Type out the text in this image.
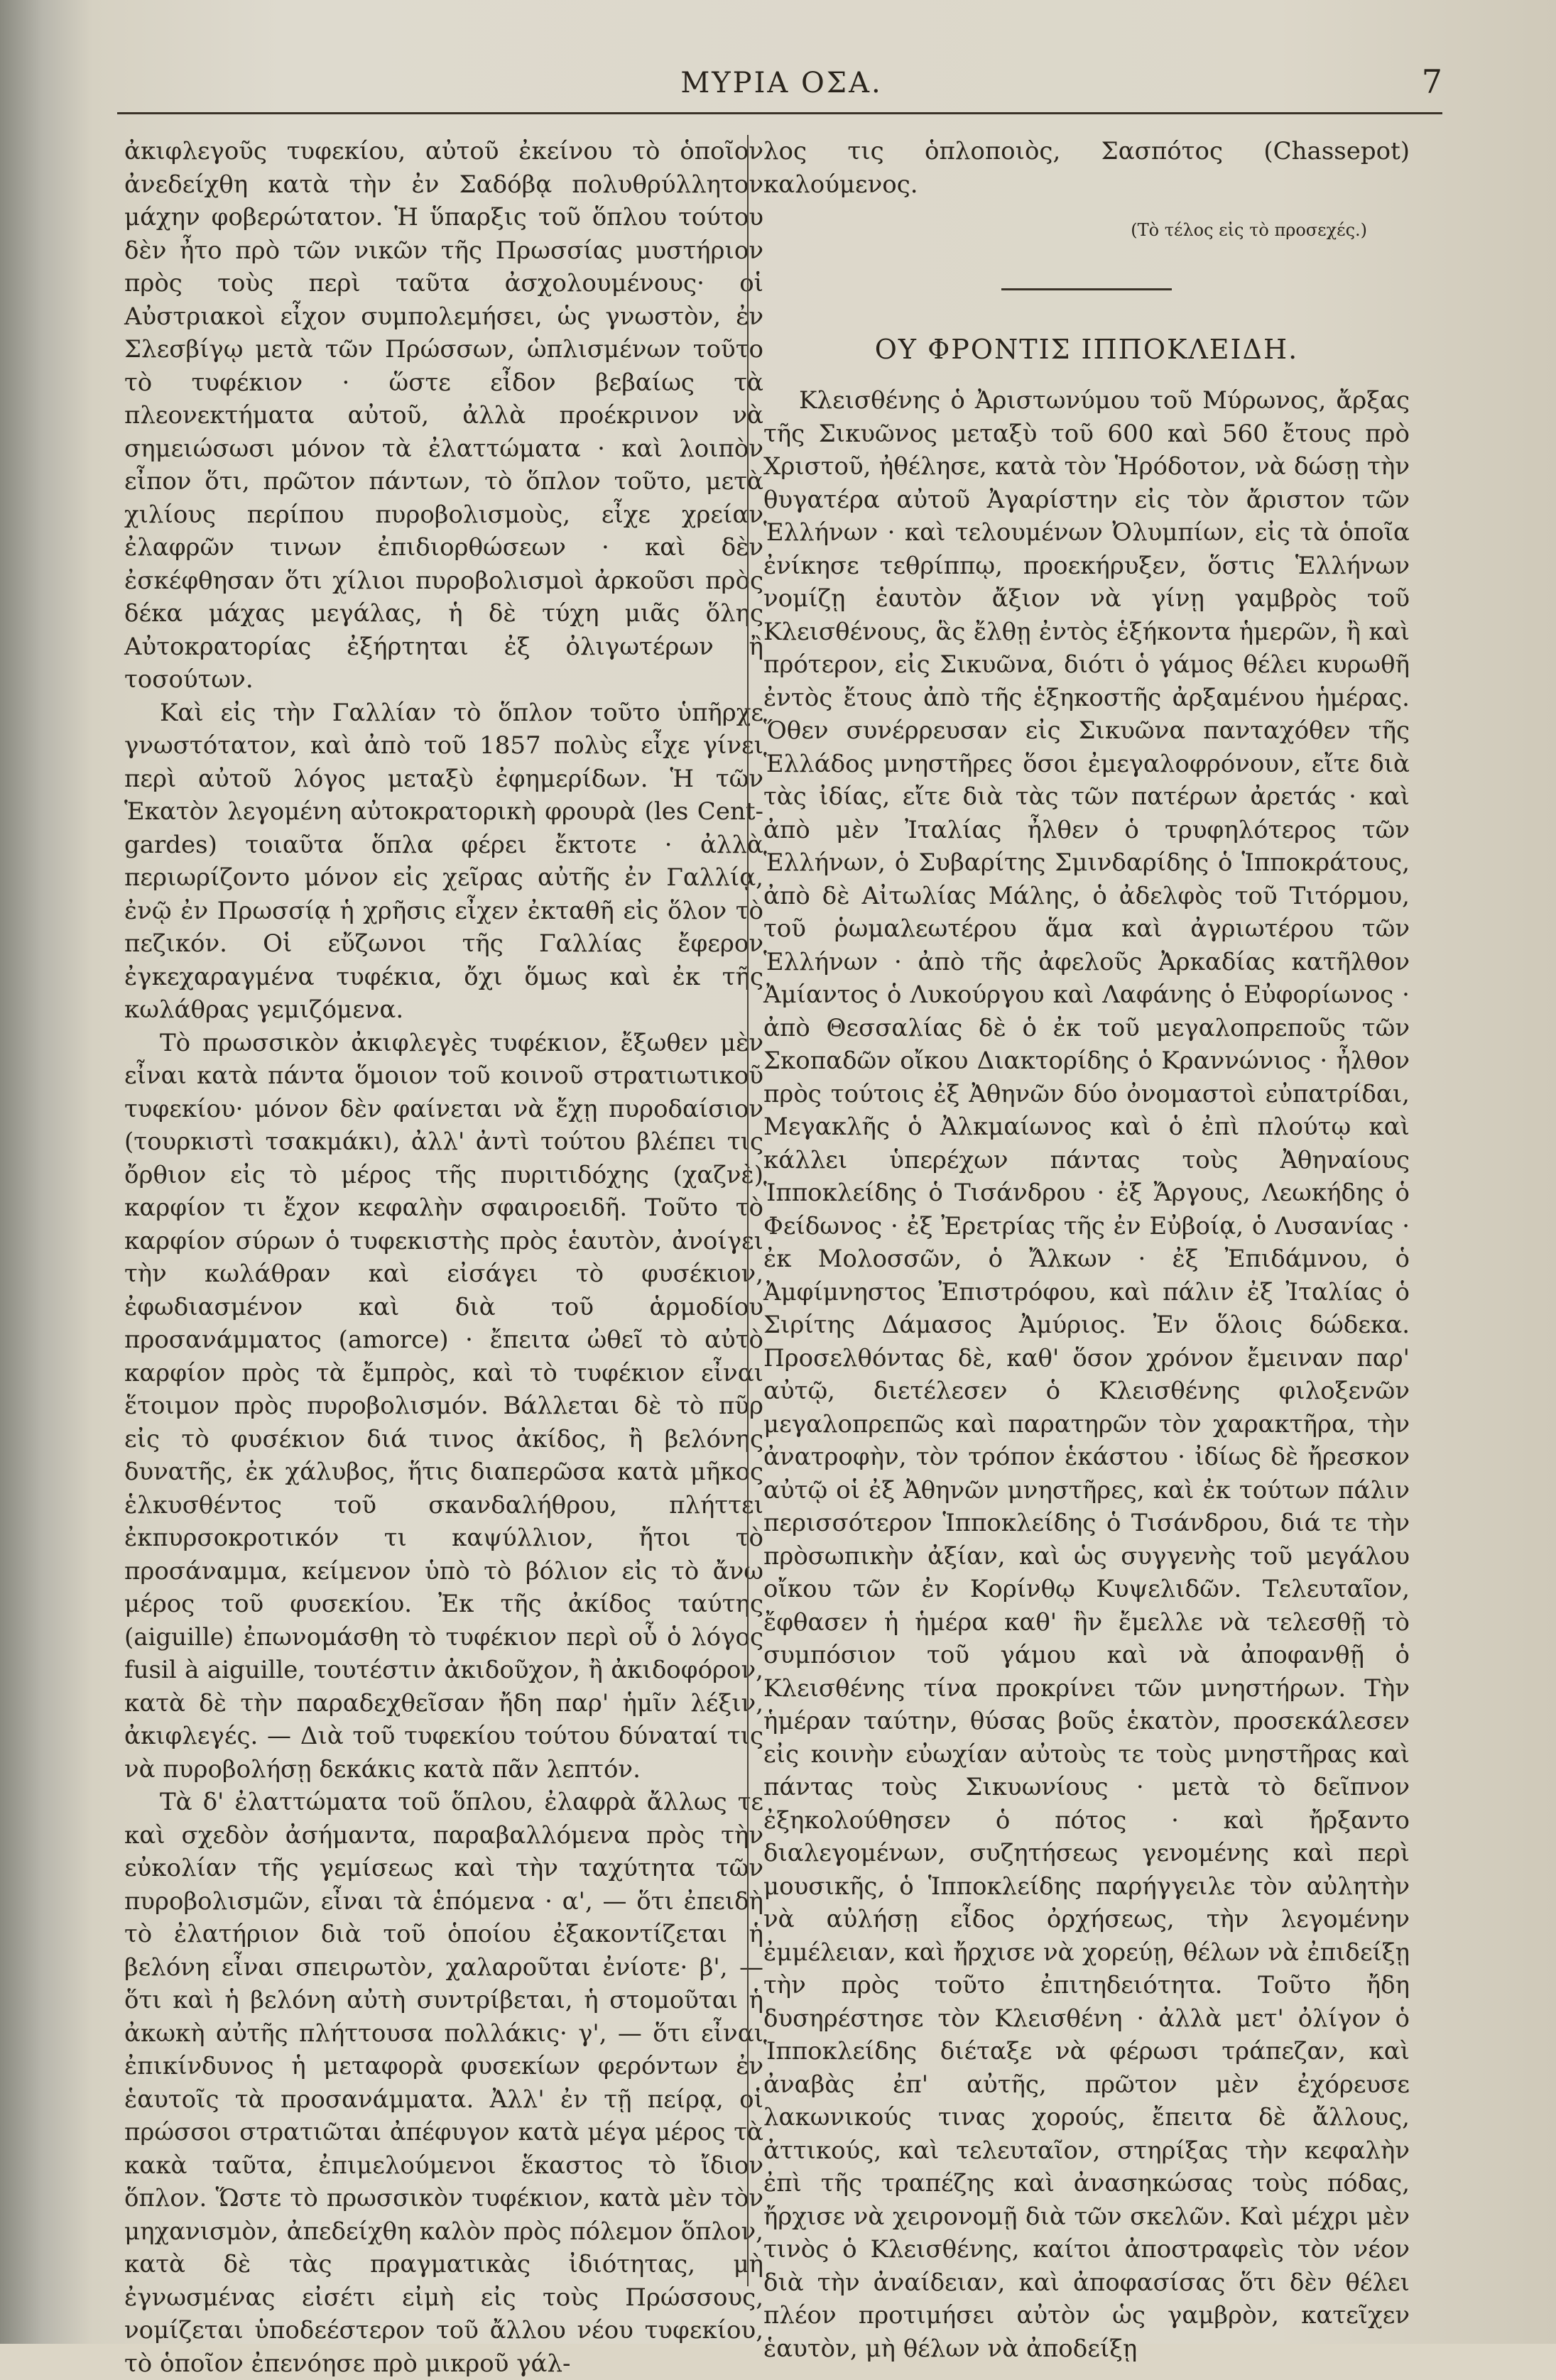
ΜΥΡΙΑ ΟΣΑ.	7

ἀκιφλεγοῦς τυφεκίου, αὐτοῦ ἐκείνου τὸ ὁποῖον ἀνεδείχθη κατὰ τὴν ἐν Σαδόβᾳ πολυθρύλλητον μάχην φοβερώτατον. Ἡ ὕπαρξις τοῦ ὅπλου τούτου δὲν ἦτο πρὸ τῶν νικῶν τῆς Πρωσσίας μυστήριον πρὸς τοὺς περὶ ταῦτα ἀσχολουμένους· οἱ Αὐστριακοὶ εἶχον συμπολεμήσει, ὡς γνωστὸν, ἐν Σλεσβίγῳ μετὰ τῶν Πρώσσων, ὡπλισμένων τοῦτο τὸ τυφέκιον · ὥστε εἶδον βεβαίως τὰ πλεονεκτήματα αὐτοῦ, ἀλλὰ προέκρινον νὰ σημειώσωσι μόνον τὰ ἐλαττώματα · καὶ λοιπὸν εἶπον ὅτι, πρῶτον πάντων, τὸ ὅπλον τοῦτο, μετὰ χιλίους περίπου πυροβολισμοὺς, εἶχε χρείαν ἐλαφρῶν τινων ἐπιδιορθώσεων · καὶ δὲν ἐσκέφθησαν ὅτι χίλιοι πυροβολισμοὶ ἀρκοῦσι πρὸς δέκα μάχας μεγάλας, ἡ δὲ τύχη μιᾶς ὅλης Αὐτοκρατορίας ἐξήρτηται ἐξ ὀλιγωτέρων ἢ τοσούτων.

Καὶ εἰς τὴν Γαλλίαν τὸ ὅπλον τοῦτο ὑπῆρχε γνωστότατον, καὶ ἀπὸ τοῦ 1857 πολὺς εἶχε γίνει περὶ αὐτοῦ λόγος μεταξὺ ἐφημερίδων. Ἡ τῶν Ἑκατὸν λεγομένη αὐτοκρατορικὴ φρουρὰ (les Cent-gardes) τοιαῦτα ὅπλα φέρει ἔκτοτε · ἀλλὰ περιωρίζοντο μόνον εἰς χεῖρας αὐτῆς ἐν Γαλλίᾳ, ἐνῷ ἐν Πρωσσίᾳ ἡ χρῆσις εἶχεν ἐκταθῆ εἰς ὅλον τὸ πεζικόν. Οἱ εὔζωνοι τῆς Γαλλίας ἔφερον ἐγκεχαραγμένα τυφέκια, ὄχι ὅμως καὶ ἐκ τῆς κωλάθρας γεμιζόμενα.

Τὸ πρωσσικὸν ἀκιφλεγὲς τυφέκιον, ἔξωθεν μὲν εἶναι κατὰ πάντα ὅμοιον τοῦ κοινοῦ στρατιωτικοῦ τυφεκίου· μόνον δὲν φαίνεται νὰ ἔχῃ πυροδαίσιον (τουρκιστὶ τσακμάκι), ἀλλ' ἀντὶ τούτου βλέπει τις ὄρθιον εἰς τὸ μέρος τῆς πυριτιδόχης (χαζνὲ) καρφίον τι ἔχον κεφαλὴν σφαιροειδῆ. Τοῦτο τὸ καρφίον σύρων ὁ τυφεκιστὴς πρὸς ἑαυτὸν, ἀνοίγει τὴν κωλάθραν καὶ εἰσάγει τὸ φυσέκιον, ἐφωδιασμένον καὶ διὰ τοῦ ἁρμοδίου προσανάμματος (amorce) · ἔπειτα ὠθεῖ τὸ αὐτὸ καρφίον πρὸς τὰ ἔμπρὸς, καὶ τὸ τυφέκιον εἶναι ἕτοιμον πρὸς πυροβολισμόν. Βάλλεται δὲ τὸ πῦρ εἰς τὸ φυσέκιον διά τινος ἀκίδος, ἢ βελόνης δυνατῆς, ἐκ χάλυβος, ἥτις διαπερῶσα κατὰ μῆκος ἑλκυσθέντος τοῦ σκανδαλήθρου, πλήττει ἐκπυρσοκροτικόν τι καψύλλιον, ἤτοι τὸ προσάναμμα, κείμενον ὑπὸ τὸ βόλιον εἰς τὸ ἄνω μέρος τοῦ φυσεκίου. Ἐκ τῆς ἀκίδος ταύτης (aiguille) ἐπωνομάσθη τὸ τυφέκιον περὶ οὗ ὁ λόγος fusil à aiguille, τουτέστιν ἀκιδοῦχον, ἢ ἀκιδοφόρον, κατὰ δὲ τὴν παραδεχθεῖσαν ἤδη παρ' ἡμῖν λέξιν, ἀκιφλεγές. — Διὰ τοῦ τυφεκίου τούτου δύναταί τις νὰ πυροβολήσῃ δεκάκις κατὰ πᾶν λεπτόν.

Τὰ δ' ἐλαττώματα τοῦ ὅπλου, ἐλαφρὰ ἄλλως τε καὶ σχεδὸν ἀσήμαντα, παραβαλλόμενα πρὸς τὴν εὐκολίαν τῆς γεμίσεως καὶ τὴν ταχύτητα τῶν πυροβολισμῶν, εἶναι τὰ ἑπόμενα · α', — ὅτι ἐπειδὴ τὸ ἐλατήριον διὰ τοῦ ὁποίου ἐξακοντίζεται ἡ βελόνη εἶναι σπειρωτὸν, χαλαροῦται ἐνίοτε· β', — ὅτι καὶ ἡ βελόνη αὐτὴ συντρίβεται, ἡ στομοῦται ἡ ἀκωκὴ αὐτῆς πλήττουσα πολλάκις· γ', — ὅτι εἶναι ἐπικίνδυνος ἡ μεταφορὰ φυσεκίων φερόντων ἐν ἑαυτοῖς τὰ προσανάμματα. Ἀλλ' ἐν τῇ πείρᾳ, οἱ πρώσσοι στρατιῶται ἀπέφυγον κατὰ μέγα μέρος τὰ κακὰ ταῦτα, ἐπιμελούμενοι ἕκαστος τὸ ἴδιον ὅπλον. Ὥστε τὸ πρωσσικὸν τυφέκιον, κατὰ μὲν τὸν μηχανισμὸν, ἀπεδείχθη καλὸν πρὸς πόλεμον ὅπλον, κατὰ δὲ τὰς πραγματικὰς ἰδιότητας, μὴ ἐγνωσμένας εἰσέτι εἰμὴ εἰς τοὺς Πρώσσους, νομίζεται ὑποδεέστερον τοῦ ἄλλου νέου τυφεκίου, τὸ ὁποῖον ἐπενόησε πρὸ μικροῦ γάλ-

λος τις ὁπλοποιὸς, Σασπότος (Chassepot) καλούμενος.

(Τὸ τέλος εἰς τὸ προσεχές.)
ΟΥ ΦΡΟΝΤΙΣ ΙΠΠΟΚΛΕΙΔΗ.

Κλεισθένης ὁ Ἀριστωνύμου τοῦ Μύρωνος, ἄρξας τῆς Σικυῶνος μεταξὺ τοῦ 600 καὶ 560 ἔτους πρὸ Χριστοῦ, ἠθέλησε, κατὰ τὸν Ἡρόδοτον, νὰ δώσῃ τὴν θυγατέρα αὐτοῦ Ἀγαρίστην εἰς τὸν ἄριστον τῶν Ἑλλήνων · καὶ τελουμένων Ὀλυμπίων, εἰς τὰ ὁποῖα ἐνίκησε τεθρίππῳ, προεκήρυξεν, ὅστις Ἑλλήνων νομίζῃ ἑαυτὸν ἄξιον νὰ γίνῃ γαμβρὸς τοῦ Κλεισθένους, ἃς ἔλθῃ ἐντὸς ἑξήκοντα ἡμερῶν, ἢ καὶ πρότερον, εἰς Σικυῶνα, διότι ὁ γάμος θέλει κυρωθῆ ἐντὸς ἔτους ἀπὸ τῆς ἑξηκοστῆς ἀρξαμένου ἡμέρας. Ὅθεν συνέρρευσαν εἰς Σικυῶνα πανταχόθεν τῆς Ἑλλάδος μνηστῆρες ὅσοι ἐμεγαλοφρόνουν, εἴτε διὰ τὰς ἰδίας, εἴτε διὰ τὰς τῶν πατέρων ἀρετάς · καὶ ἀπὸ μὲν Ἰταλίας ἦλθεν ὁ τρυφηλότερος τῶν Ἑλλήνων, ὁ Συβαρίτης Σμινδαρίδης ὁ Ἱπποκράτους, ἀπὸ δὲ Αἰτωλίας Μάλης, ὁ ἀδελφὸς τοῦ Τιτόρμου, τοῦ ῥωμαλεωτέρου ἅμα καὶ ἀγριωτέρου τῶν Ἑλλήνων · ἀπὸ τῆς ἀφελοῦς Ἀρκαδίας κατῆλθον Ἀμίαντος ὁ Λυκούργου καὶ Λαφάνης ὁ Εὐφορίωνος · ἀπὸ Θεσσαλίας δὲ ὁ ἐκ τοῦ μεγαλοπρεποῦς τῶν Σκοπαδῶν οἴκου Διακτορίδης ὁ Κραννώνιος · ἦλθον πρὸς τούτοις ἐξ Ἀθηνῶν δύο ὀνομαστοὶ εὐπατρίδαι, Μεγακλῆς ὁ Ἀλκμαίωνος καὶ ὁ ἐπὶ πλούτῳ καὶ κάλλει ὑπερέχων πάντας τοὺς Ἀθηναίους Ἱπποκλείδης ὁ Τισάνδρου · ἐξ Ἄργους, Λεωκήδης ὁ Φείδωνος · ἐξ Ἐρετρίας τῆς ἐν Εὐβοίᾳ, ὁ Λυσανίας · ἐκ Μολοσσῶν, ὁ Ἄλκων · ἐξ Ἐπιδάμνου, ὁ Ἀμφίμνηστος Ἐπιστρόφου, καὶ πάλιν ἐξ Ἰταλίας ὁ Σιρίτης Δάμασος Ἀμύριος. Ἐν ὅλοις δώδεκα. Προσελθόντας δὲ, καθ' ὅσον χρόνον ἔμειναν παρ' αὐτῷ, διετέλεσεν ὁ Κλεισθένης φιλοξενῶν μεγαλοπρεπῶς καὶ παρατηρῶν τὸν χαρακτῆρα, τὴν ἀνατροφὴν, τὸν τρόπον ἑκάστου · ἰδίως δὲ ἤρεσκον αὐτῷ οἱ ἐξ Ἀθηνῶν μνηστῆρες, καὶ ἐκ τούτων πάλιν περισσότερον Ἱπποκλείδης ὁ Τισάνδρου, διά τε τὴν πρὸσωπικὴν ἀξίαν, καὶ ὡς συγγενὴς τοῦ μεγάλου οἴκου τῶν ἐν Κορίνθῳ Κυψελιδῶν. Τελευταῖον, ἔφθασεν ἡ ἡμέρα καθ' ἣν ἔμελλε νὰ τελεσθῇ τὸ συμπόσιον τοῦ γάμου καὶ νὰ ἀποφανθῇ ὁ Κλεισθένης τίνα προκρίνει τῶν μνηστήρων. Τὴν ἡμέραν ταύτην, θύσας βοῦς ἑκατὸν, προσεκάλεσεν εἰς κοινὴν εὐωχίαν αὐτοὺς τε τοὺς μνηστῆρας καὶ πάντας τοὺς Σικυωνίους · μετὰ τὸ δεῖπνον ἐξηκολούθησεν ὁ πότος · καὶ ἤρξαντο διαλεγομένων, συζητήσεως γενομένης καὶ περὶ μουσικῆς, ὁ Ἱπποκλείδης παρήγγειλε τὸν αὐλητὴν νὰ αὐλήσῃ εἶδος ὀρχήσεως, τὴν λεγομένην ἐμμέλειαν, καὶ ἤρχισε νὰ χορεύῃ, θέλων νὰ ἐπιδείξῃ τὴν πρὸς τοῦτο ἐπιτηδειότητα. Τοῦτο ἤδη δυσηρέστησε τὸν Κλεισθένη · ἀλλὰ μετ' ὀλίγον ὁ Ἱπποκλείδης διέταξε νὰ φέρωσι τράπεζαν, καὶ ἀναβὰς ἐπ' αὐτῆς, πρῶτον μὲν ἐχόρευσε λακωνικούς τινας χορούς, ἔπειτα δὲ ἄλλους, ἀττικούς, καὶ τελευταῖον, στηρίξας τὴν κεφαλὴν ἐπὶ τῆς τραπέζης καὶ ἀνασηκώσας τοὺς πόδας, ἤρχισε νὰ χειρονομῇ διὰ τῶν σκελῶν. Καὶ μέχρι μὲν τινὸς ὁ Κλεισθένης, καίτοι ἀποστραφεὶς τὸν νέον διὰ τὴν ἀναίδειαν, καὶ ἀποφασίσας ὅτι δὲν θέλει πλέον προτιμήσει αὐτὸν ὡς γαμβρὸν, κατεῖχεν ἑαυτὸν, μὴ θέλων νὰ ἀποδείξῃ
